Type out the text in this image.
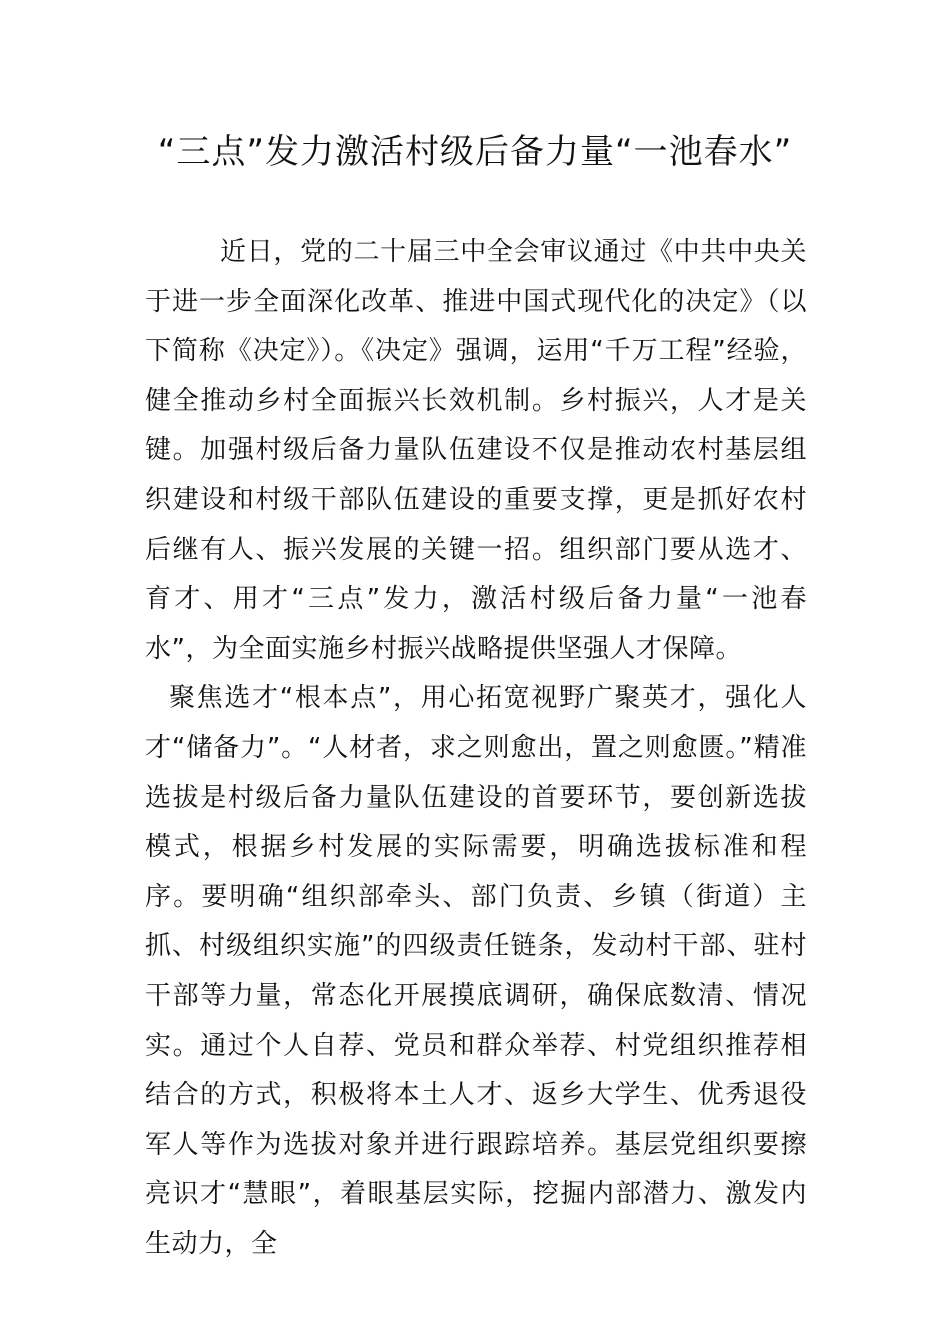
“三点”发力激活村级后备力量“一池春水”

近日，党的二十届三中全会审议通过《中共中央关于进一步全面深化改革、推进中国式现代化的决定》（以下简称《决定》）。《决定》强调，运用“千万工程”经验，健全推动乡村全面振兴长效机制。乡村振兴，人才是关键。加强村级后备力量队伍建设不仅是推动农村基层组织建设和村级干部队伍建设的重要支撑，更是抓好农村后继有人、振兴发展的关键一招。组织部门要从选才、育才、用才“三点”发力，激活村级后备力量“一池春水”，为全面实施乡村振兴战略提供坚强人才保障。

聚焦选才“根本点”，用心拓宽视野广聚英才，强化人才“储备力”。“人材者，求之则愈出，置之则愈匮。”精准选拔是村级后备力量队伍建设的首要环节，要创新选拔模式，根据乡村发展的实际需要，明确选拔标准和程序。要明确“组织部牵头、部门负责、乡镇（街道）主抓、村级组织实施”的四级责任链条，发动村干部、驻村干部等力量，常态化开展摸底调研，确保底数清、情况实。通过个人自荐、党员和群众举荐、村党组织推荐相结合的方式，积极将本土人才、返乡大学生、优秀退役军人等作为选拔对象并进行跟踪培养。基层党组织要擦亮识才“慧眼”，着眼基层实际，挖掘内部潜力、激发内生动力，全
